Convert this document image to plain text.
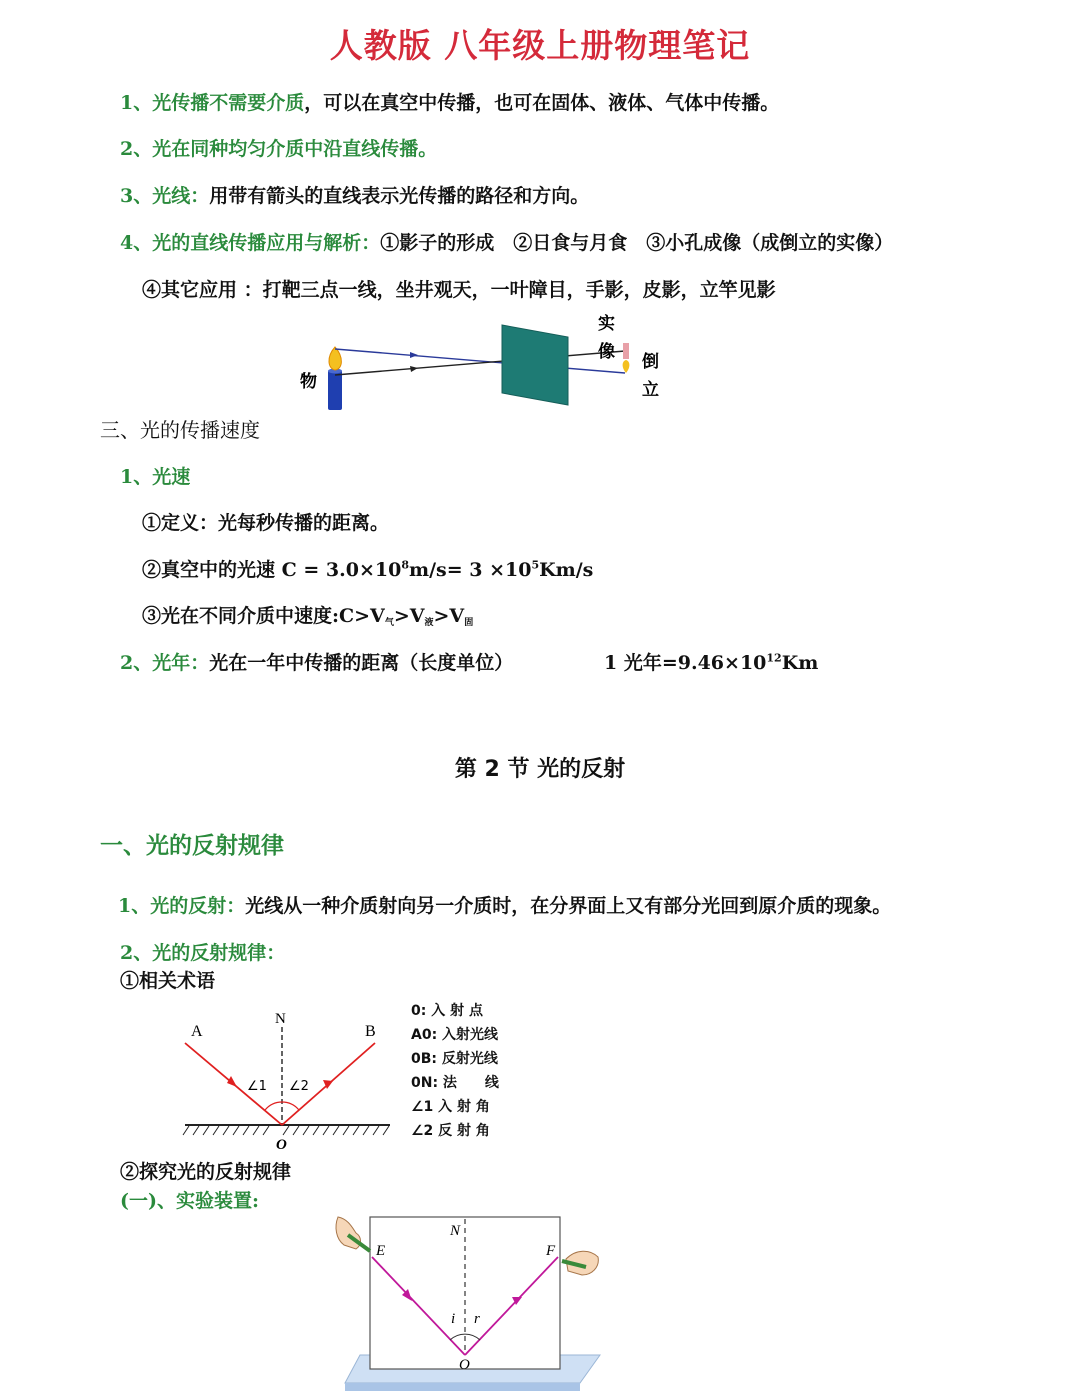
人教版 八年级上册物理笔记
1、光传播不需要介质，可以在真空中传播，也可在固体、液体、气体中传播。
2、光在同种均匀介质中沿直线传播。
3、光线：用带有箭头的直线表示光传播的路径和方向。
4、光的直线传播应用与解析：①影子的形成　②日食与月食　③小孔成像（成倒立的实像）
④其它应用 ：打靶三点一线，坐井观天，一叶障目，手影，皮影，立竿见影
物
实
像 倒
立
三、光的传播速度
1、光速
①定义：光每秒传播的距离。
②真空中的光速 $C = 3.0\times 10^8m/s= 3 \times 10^5Km/s$
③光在不同介质中速度$:C>V_气>V_液>V_固$
2、光年：光在一年中传播的距离（长度单位）	1 光年$=9.46\times 10^{12}Km$
第 2 节 光的反射
一、光的反射规律
1、光的反射：光线从一种介质射向另一介质时，在分界面上又有部分光回到原介质的现象。
2、光的反射规律：
①相关术语
A	B
N
O
∠1 ∠2
0: 入 射 点
A0: 入射光线
0B: 反射光线
0N: 法　　线
∠1 入 射 角
∠2 反 射 角
②探究光的反射规律
(一)、实验装置:
N
E	F
i r
O
